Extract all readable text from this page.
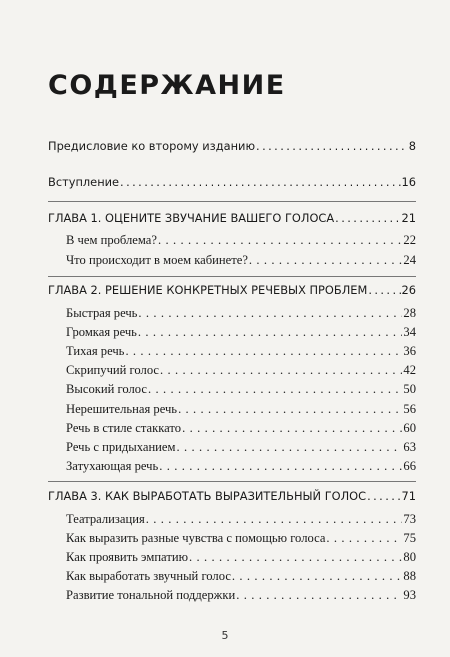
СОДЕРЖАНИЕ
Предисловие ко второму изданию . . .	8
Вступление . . .	16
ГЛАВА 1. ОЦЕНИТЕ ЗВУЧАНИЕ ВАШЕГО ГОЛОСА . . .	21
В чем проблема? . . .	22
Что происходит в моем кабинете? . . .	24
ГЛАВА 2. РЕШЕНИЕ КОНКРЕТНЫХ РЕЧЕВЫХ ПРОБЛЕМ . . .	26
Быстрая речь . . .	28
Громкая речь . . .	34
Тихая речь . . .	36
Скрипучий голос . . .	42
Высокий голос . . .	50
Нерешительная речь . . .	56
Речь в стиле стаккато . . .	60
Речь с придыханием . . .	63
Затухающая речь . . .	66
ГЛАВА 3. КАК ВЫРАБОТАТЬ ВЫРАЗИТЕЛЬНЫЙ ГОЛОС . . .	71
Театрализация . . .	73
Как выразить разные чувства с помощью голоса . . .	75
Как проявить эмпатию . . .	80
Как выработать звучный голос . . .	88
Развитие тональной поддержки . . .	93
5
